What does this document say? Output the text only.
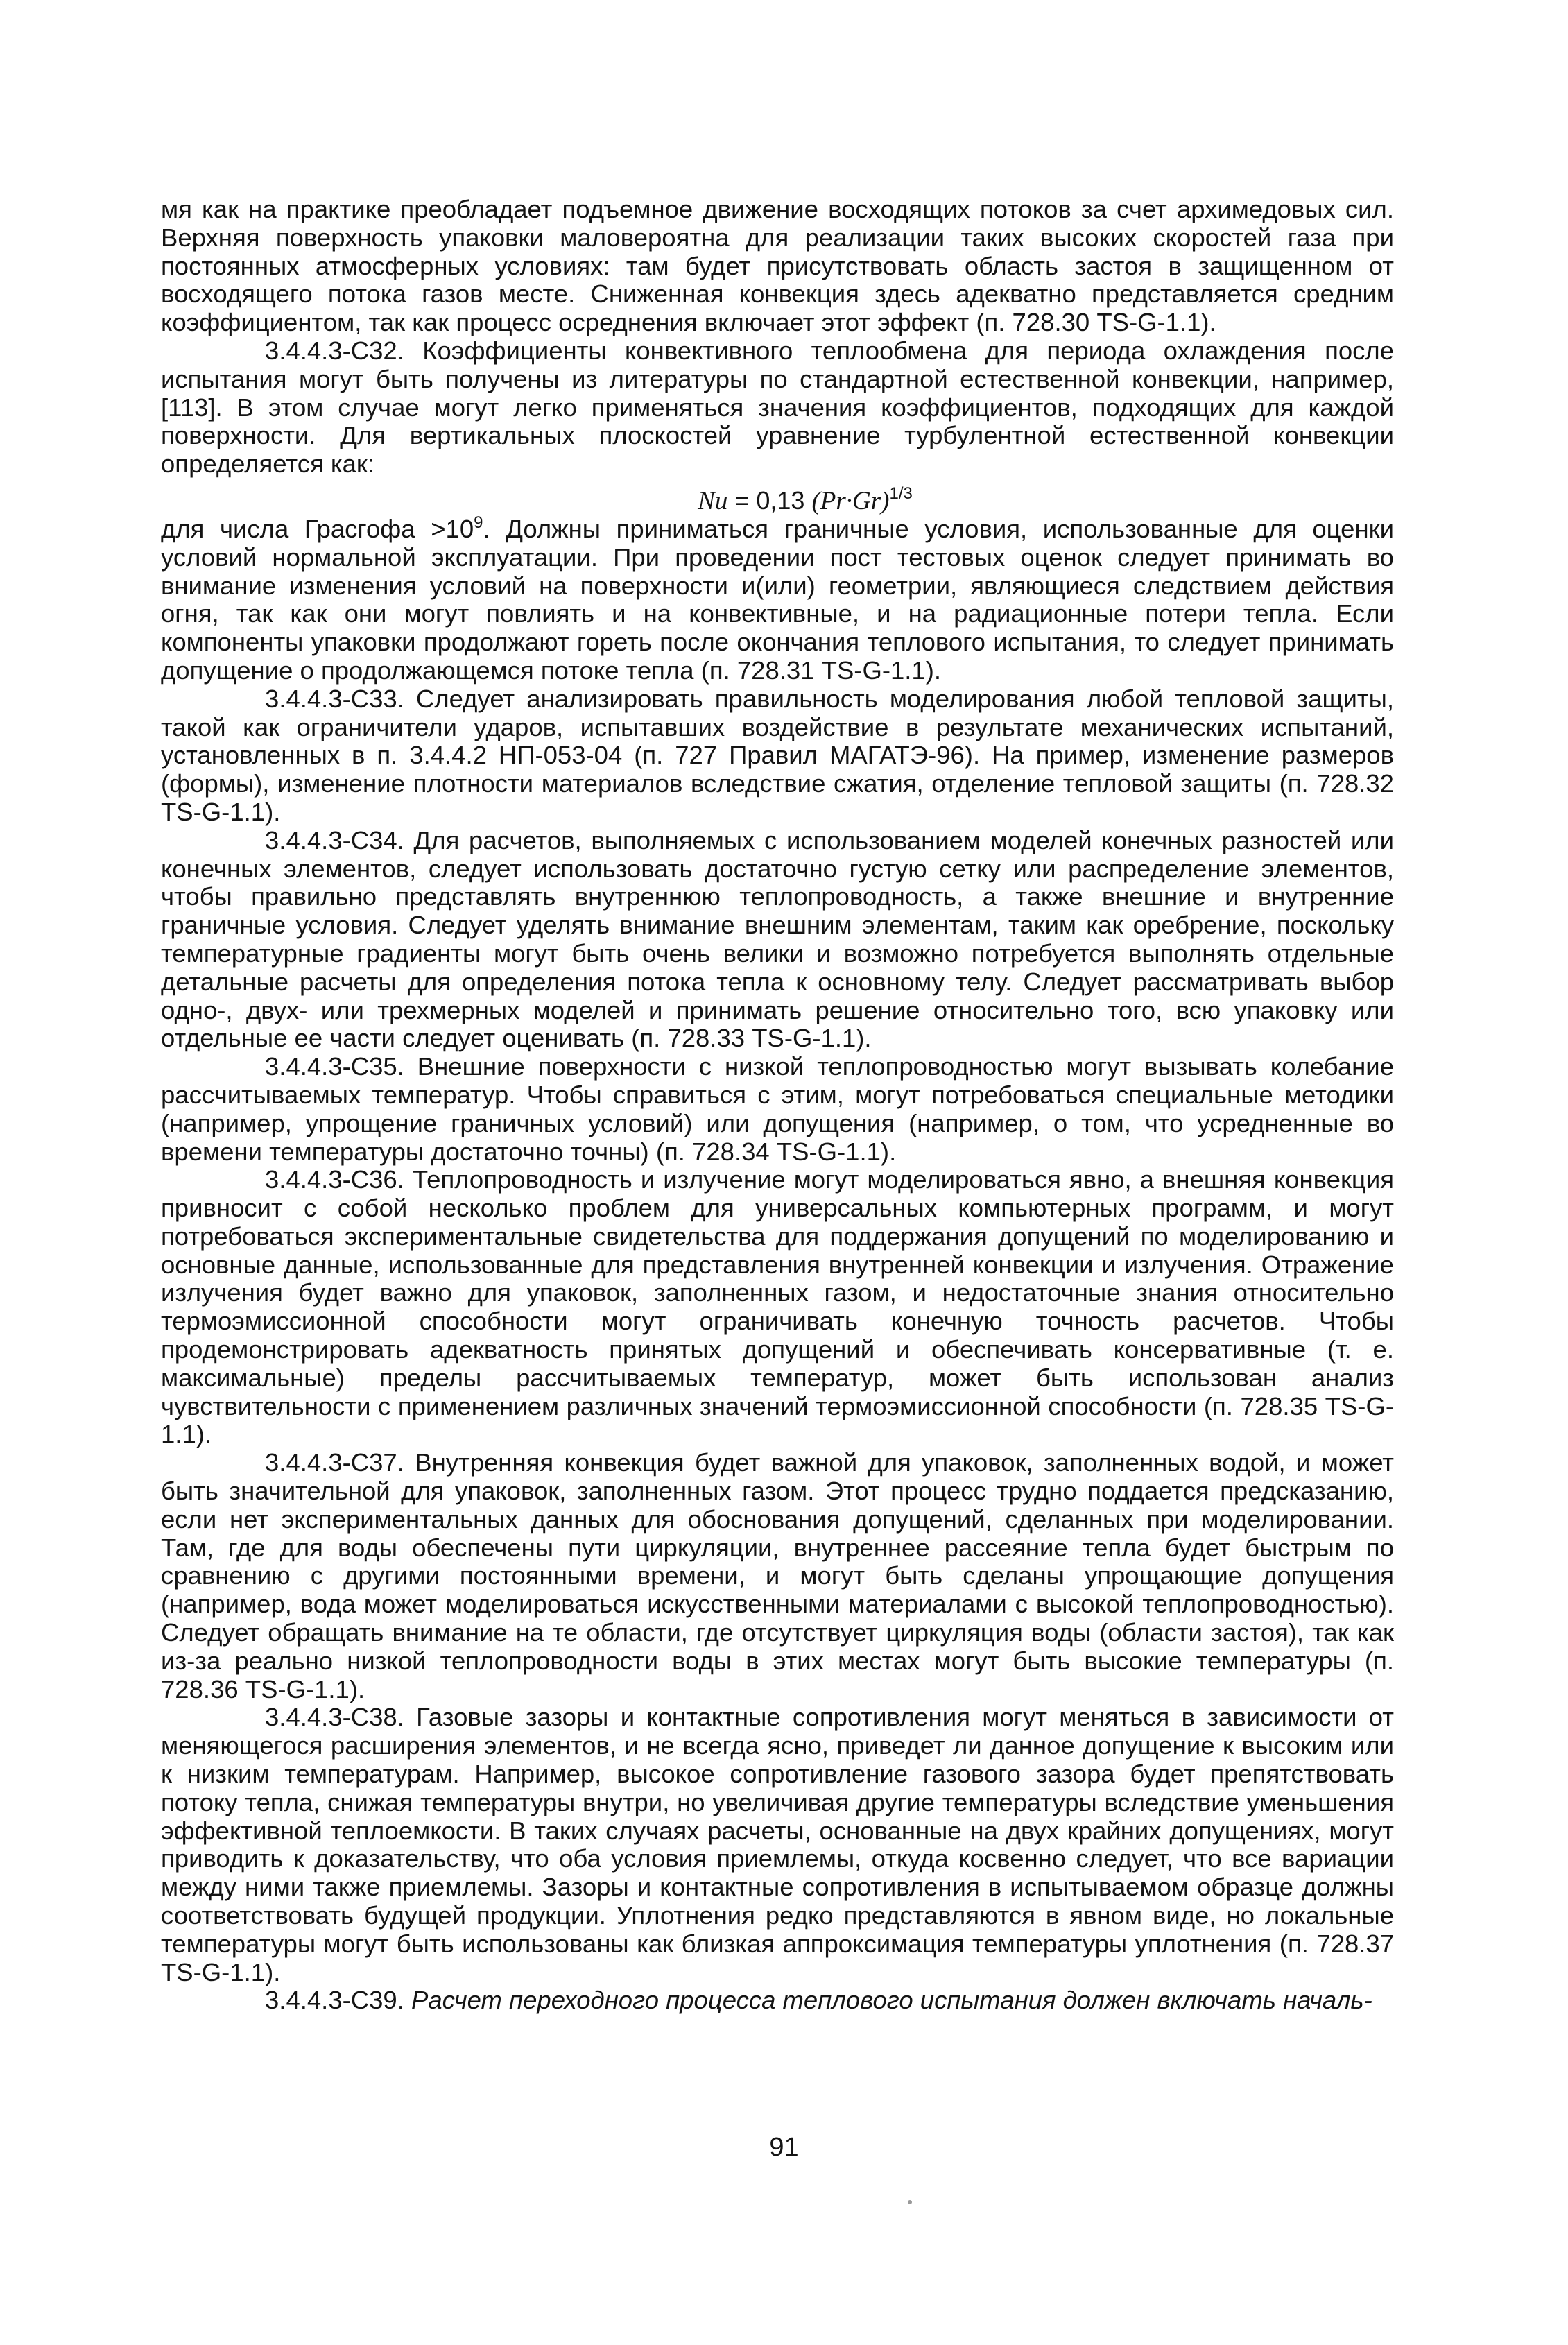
мя как на практике преобладает подъемное движение восходящих потоков за счет архимедовых сил. Верхняя поверхность упаковки маловероятна для реализации таких высоких скоростей газа при постоянных атмосферных условиях: там будет присутствовать область застоя в защищенном от восходящего потока газов месте. Сниженная конвекция здесь адекватно представляется средним коэффициентом, так как процесс осреднения включает этот эффект (п. 728.30 TS-G-1.1).

3.4.4.3-C32. Коэффициенты конвективного теплообмена для периода охлаждения после испытания могут быть получены из литературы по стандартной естественной конвекции, например, [113]. В этом случае могут легко применяться значения коэффициентов, подходящих для каждой поверхности. Для вертикальных плоскостей уравнение турбулентной естественной конвекции определяется как:

Nu = 0,13 $(Pr\cdot Gr)^{1/3}$

для числа Грасгофа $>10^9$. Должны приниматься граничные условия, использованные для оценки условий нормальной эксплуатации. При проведении пост тестовых оценок следует принимать во внимание изменения условий на поверхности и(или) геометрии, являющиеся следствием действия огня, так как они могут повлиять и на конвективные, и на радиационные потери тепла. Если компоненты упаковки продолжают гореть после окончания теплового испытания, то следует принимать допущение о продолжающемся потоке тепла (п. 728.31 TS-G-1.1).

3.4.4.3-C33. Следует анализировать правильность моделирования любой тепловой защиты, такой как ограничители ударов, испытавших воздействие в результате механических испытаний, установленных в п. 3.4.4.2 НП-053-04 (п. 727 Правил МАГАТЭ-96). На пример, изменение размеров (формы), изменение плотности материалов вследствие сжатия, отделение тепловой защиты (п. 728.32 TS-G-1.1).

3.4.4.3-C34. Для расчетов, выполняемых с использованием моделей конечных разностей или конечных элементов, следует использовать достаточно густую сетку или распределение элементов, чтобы правильно представлять внутреннюю теплопроводность, а также внешние и внутренние граничные условия. Следует уделять внимание внешним элементам, таким как оребрение, поскольку температурные градиенты могут быть очень велики и возможно потребуется выполнять отдельные детальные расчеты для определения потока тепла к основному телу. Следует рассматривать выбор одно-, двух- или трехмерных моделей и принимать решение относительно того, всю упаковку или отдельные ее части следует оценивать (п. 728.33 TS-G-1.1).

3.4.4.3-C35. Внешние поверхности с низкой теплопроводностью могут вызывать колебание рассчитываемых температур. Чтобы справиться с этим, могут потребоваться специальные методики (например, упрощение граничных условий) или допущения (например, о том, что усредненные во времени температуры достаточно точны) (п. 728.34 TS-G-1.1).

3.4.4.3-C36. Теплопроводность и излучение могут моделироваться явно, а внешняя конвекция привносит с собой несколько проблем для универсальных компьютерных программ, и могут потребоваться экспериментальные свидетельства для поддержания допущений по моделированию и основные данные, использованные для представления внутренней конвекции и излучения. Отражение излучения будет важно для упаковок, заполненных газом, и недостаточные знания относительно термоэмиссионной способности могут ограничивать конечную точность расчетов. Чтобы продемонстрировать адекватность принятых допущений и обеспечивать консервативные (т. е. максимальные) пределы рассчитываемых температур, может быть использован анализ чувствительности с применением различных значений термоэмиссионной способности (п. 728.35 TS-G-1.1).

3.4.4.3-C37. Внутренняя конвекция будет важной для упаковок, заполненных водой, и может быть значительной для упаковок, заполненных газом. Этот процесс трудно поддается предсказанию, если нет экспериментальных данных для обоснования допущений, сделанных при моделировании. Там, где для воды обеспечены пути циркуляции, внутреннее рассеяние тепла будет быстрым по сравнению с другими постоянными времени, и могут быть сделаны упрощающие допущения (например, вода может моделироваться искусственными материалами с высокой теплопроводностью). Следует обращать внимание на те области, где отсутствует циркуляция воды (области застоя), так как из-за реально низкой теплопроводности воды в этих местах могут быть высокие температуры (п. 728.36 TS-G-1.1).

3.4.4.3-C38. Газовые зазоры и контактные сопротивления могут меняться в зависимости от меняющегося расширения элементов, и не всегда ясно, приведет ли данное допущение к высоким или к низким температурам. Например, высокое сопротивление газового зазора будет препятствовать потоку тепла, снижая температуры внутри, но увеличивая другие температуры вследствие уменьшения эффективной теплоемкости. В таких случаях расчеты, основанные на двух крайних допущениях, могут приводить к доказательству, что оба условия приемлемы, откуда косвенно следует, что все вариации между ними также приемлемы. Зазоры и контактные сопротивления в испытываемом образце должны соответствовать будущей продукции. Уплотнения редко представляются в явном виде, но локальные температуры могут быть использованы как близкая аппроксимация температуры уплотнения (п. 728.37 TS-G-1.1).

3.4.4.3-C39. Расчет переходного процесса теплового испытания должен включать началь-

91
